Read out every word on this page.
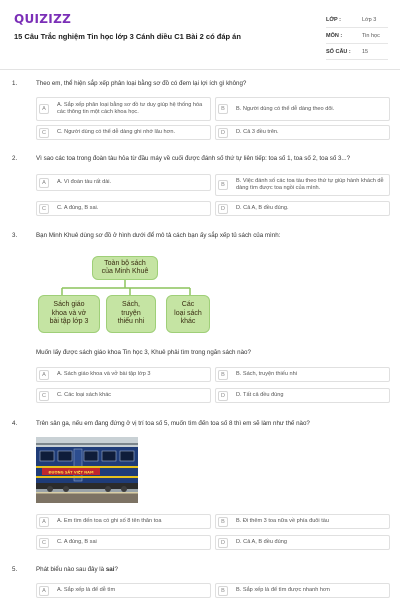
QUIZIZZ
15 Câu Trắc nghiệm Tin học lớp 3 Cánh diều C1 Bài 2 có đáp án
LỚP :	Lớp 3
MÔN :	Tin học
SỐ CÂU :	15
1.	Theo em, thể hiện sắp xếp phân loại bằng sơ đồ có đem lại lợi ích gì không?
A
A. Sắp xếp phân loại bằng sơ đồ tư duy giúp hệ thống hóa các thông tin một cách khoa học.	B	B. Người dùng có thể dễ dàng theo dõi.
C	C. Người dùng có thể dễ dàng ghi nhớ lâu hơn.	D	D. Cả 3 đều trên.
2.	Vì sao các toa trong đoàn tàu hỏa từ đầu máy về cuối được đánh số thứ tự liên tiếp: toa số 1, toa số 2, toa số 3...?
A	A. Vì đoàn tàu rất dài.	B
B. Việc đánh số các toa tàu theo thứ tự giúp hành khách dễ dàng tìm được toa ngồi của mình.
C	C. A đúng, B sai.	D	D. Cả A, B đều đúng.
3.	Bạn Minh Khuê dùng sơ đồ ở hình dưới để mô tả cách bạn ấy sắp xếp tủ sách của mình:
Toàn bộ sách
của Minh Khuê
Sách giáo
khoa và vở
bài tập lớp 3
Sách,
truyện
thiếu nhi
Các
loại sách
khác
Muốn lấy được sách giáo khoa Tin học 3, Khuê phải tìm trong ngăn sách nào?
A	A. Sách giáo khoa và vở bài tập lớp 3	B	B. Sách, truyện thiếu nhi
C	C. Các loại sách khác	D	D. Tất cả đều đúng
4.	Trên sân ga, nếu em đang đứng ở vị trí toa số 5, muốn tìm đến toa số 8 thì em sẽ làm như thế nào?
ĐƯỜNG SẮT VIỆT NAM
A	A. Em tìm đến toa có ghi số 8 tên thân toa	B	B. Đi thêm 3 toa nữa về phía đuôi tàu
C	C. A đúng, B sai	D	D. Cả A, B đều đúng
5.	Phát biểu nào sau đây là sai?
A	A. Sắp xếp là để dễ tìm	B	B. Sắp xếp là để tìm được nhanh hơn
